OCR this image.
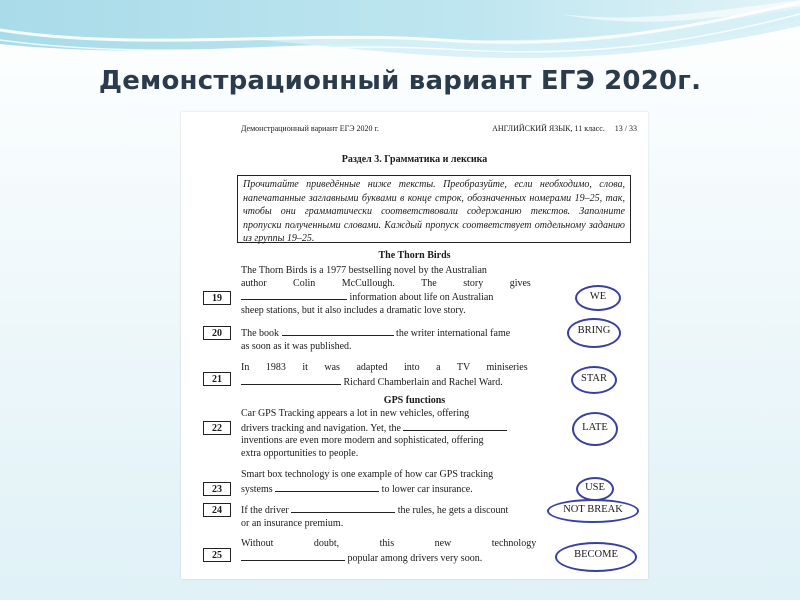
Демонстрационный вариант ЕГЭ 2020г.
Демонстрационный вариант ЕГЭ 2020 г.	АНГЛИЙСКИЙ ЯЗЫК, 11 класс. 13 / 33
Раздел 3. Грамматика и лексика
Прочитайте приведённые ниже тексты. Преобразуйте, если необходимо, слова, напечатанные заглавными буквами в конце строк, обозначенных номерами 19–25, так, чтобы они грамматически соответствовали содержанию текстов. Заполните пропуски полученными словами. Каждый пропуск соответствует отдельному заданию из группы 19–25.
The Thorn Birds
19
The Thorn Birds is a 1977 bestselling novel by the Australian
author Colin McCullough. The story gives
information about life on Australian
sheep stations, but it also includes a dramatic love story.
WE
20	The book	the writer international fame
as soon as it was published.
BRING
21
In 1983 it was adapted into a TV miniseries
Richard Chamberlain and Rachel Ward.	STAR
GPS functions
22
Car GPS Tracking appears a lot in new vehicles, offering
drivers tracking and navigation. Yet, the
inventions are even more modern and sophisticated, offering
extra opportunities to people.
LATE
23
Smart box technology is one example of how car GPS tracking
systems	to lower car insurance.	USE
24	If the driver	the rules, he gets a discount
or an insurance premium.
NOT BREAK
25
Without doubt, this new technology
popular among drivers very soon.	BECOME
